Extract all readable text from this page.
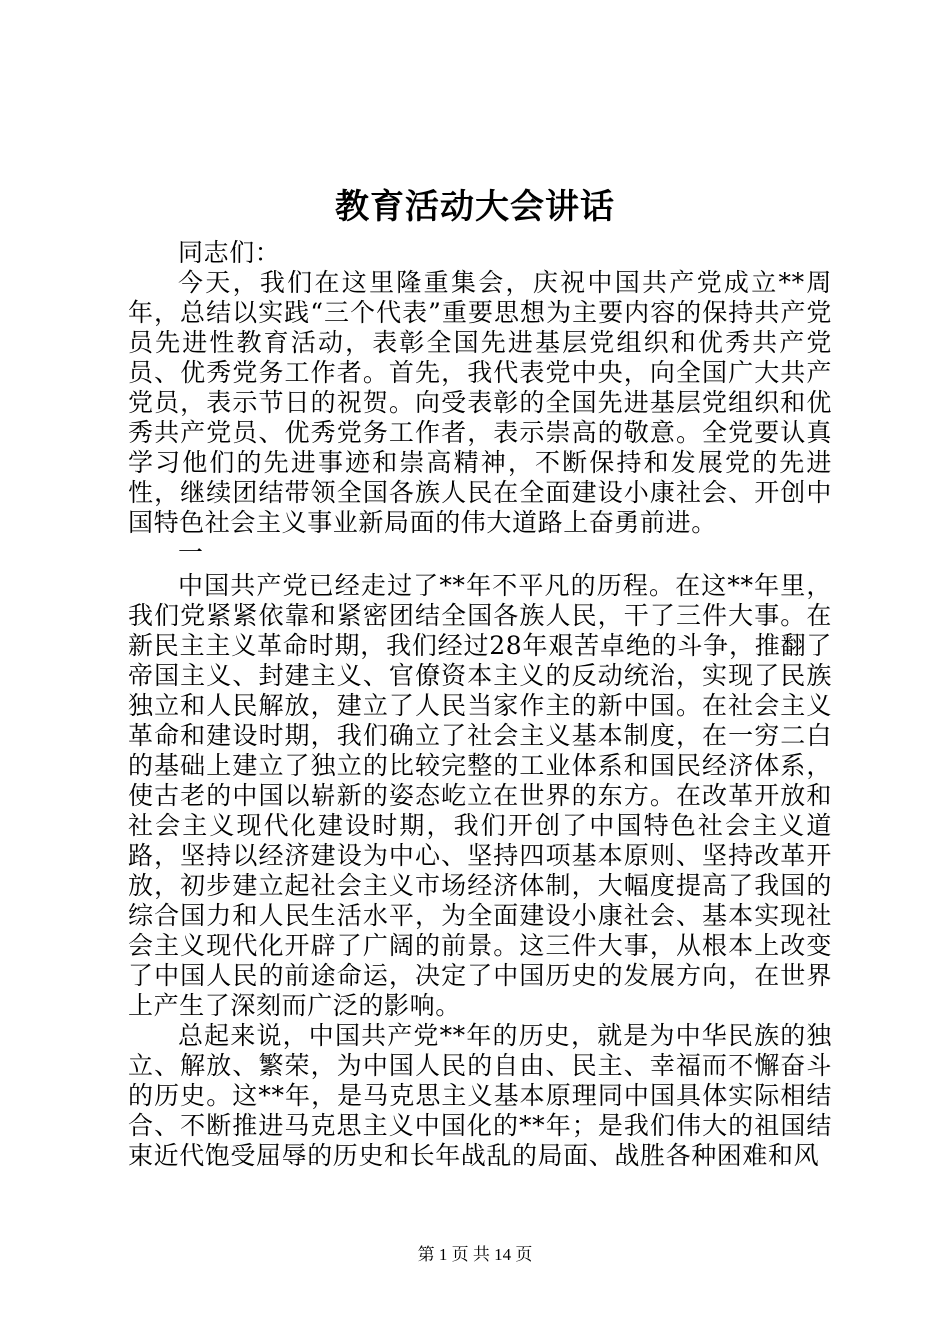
教育活动大会讲话

同志们：

今天，我们在这里隆重集会，庆祝中国共产党成立**周年，总结以实践“三个代表”重要思想为主要内容的保持共产党员先进性教育活动，表彰全国先进基层党组织和优秀共产党员、优秀党务工作者。首先，我代表党中央，向全国广大共产党员，表示节日的祝贺。向受表彰的全国先进基层党组织和优秀共产党员、优秀党务工作者，表示崇高的敬意。全党要认真学习他们的先进事迹和崇高精神，不断保持和发展党的先进性，继续团结带领全国各族人民在全面建设小康社会、开创中国特色社会主义事业新局面的伟大道路上奋勇前进。

一

中国共产党已经走过了**年不平凡的历程。在这**年里，我们党紧紧依靠和紧密团结全国各族人民，干了三件大事。在新民主主义革命时期，我们经过28年艰苦卓绝的斗争，推翻了帝国主义、封建主义、官僚资本主义的反动统治，实现了民族独立和人民解放，建立了人民当家作主的新中国。在社会主义革命和建设时期，我们确立了社会主义基本制度，在一穷二白的基础上建立了独立的比较完整的工业体系和国民经济体系，使古老的中国以崭新的姿态屹立在世界的东方。在改革开放和社会主义现代化建设时期，我们开创了中国特色社会主义道路，坚持以经济建设为中心、坚持四项基本原则、坚持改革开放，初步建立起社会主义市场经济体制，大幅度提高了我国的综合国力和人民生活水平，为全面建设小康社会、基本实现社会主义现代化开辟了广阔的前景。这三件大事，从根本上改变了中国人民的前途命运，决定了中国历史的发展方向，在世界上产生了深刻而广泛的影响。

总起来说，中国共产党**年的历史，就是为中华民族的独立、解放、繁荣，为中国人民的自由、民主、幸福而不懈奋斗的历史。这**年，是马克思主义基本原理同中国具体实际相结合、不断推进马克思主义中国化的**年；是我们伟大的祖国结束近代饱受屈辱的历史和长年战乱的局面、战胜各种困难和风

第 1 页 共 14 页
